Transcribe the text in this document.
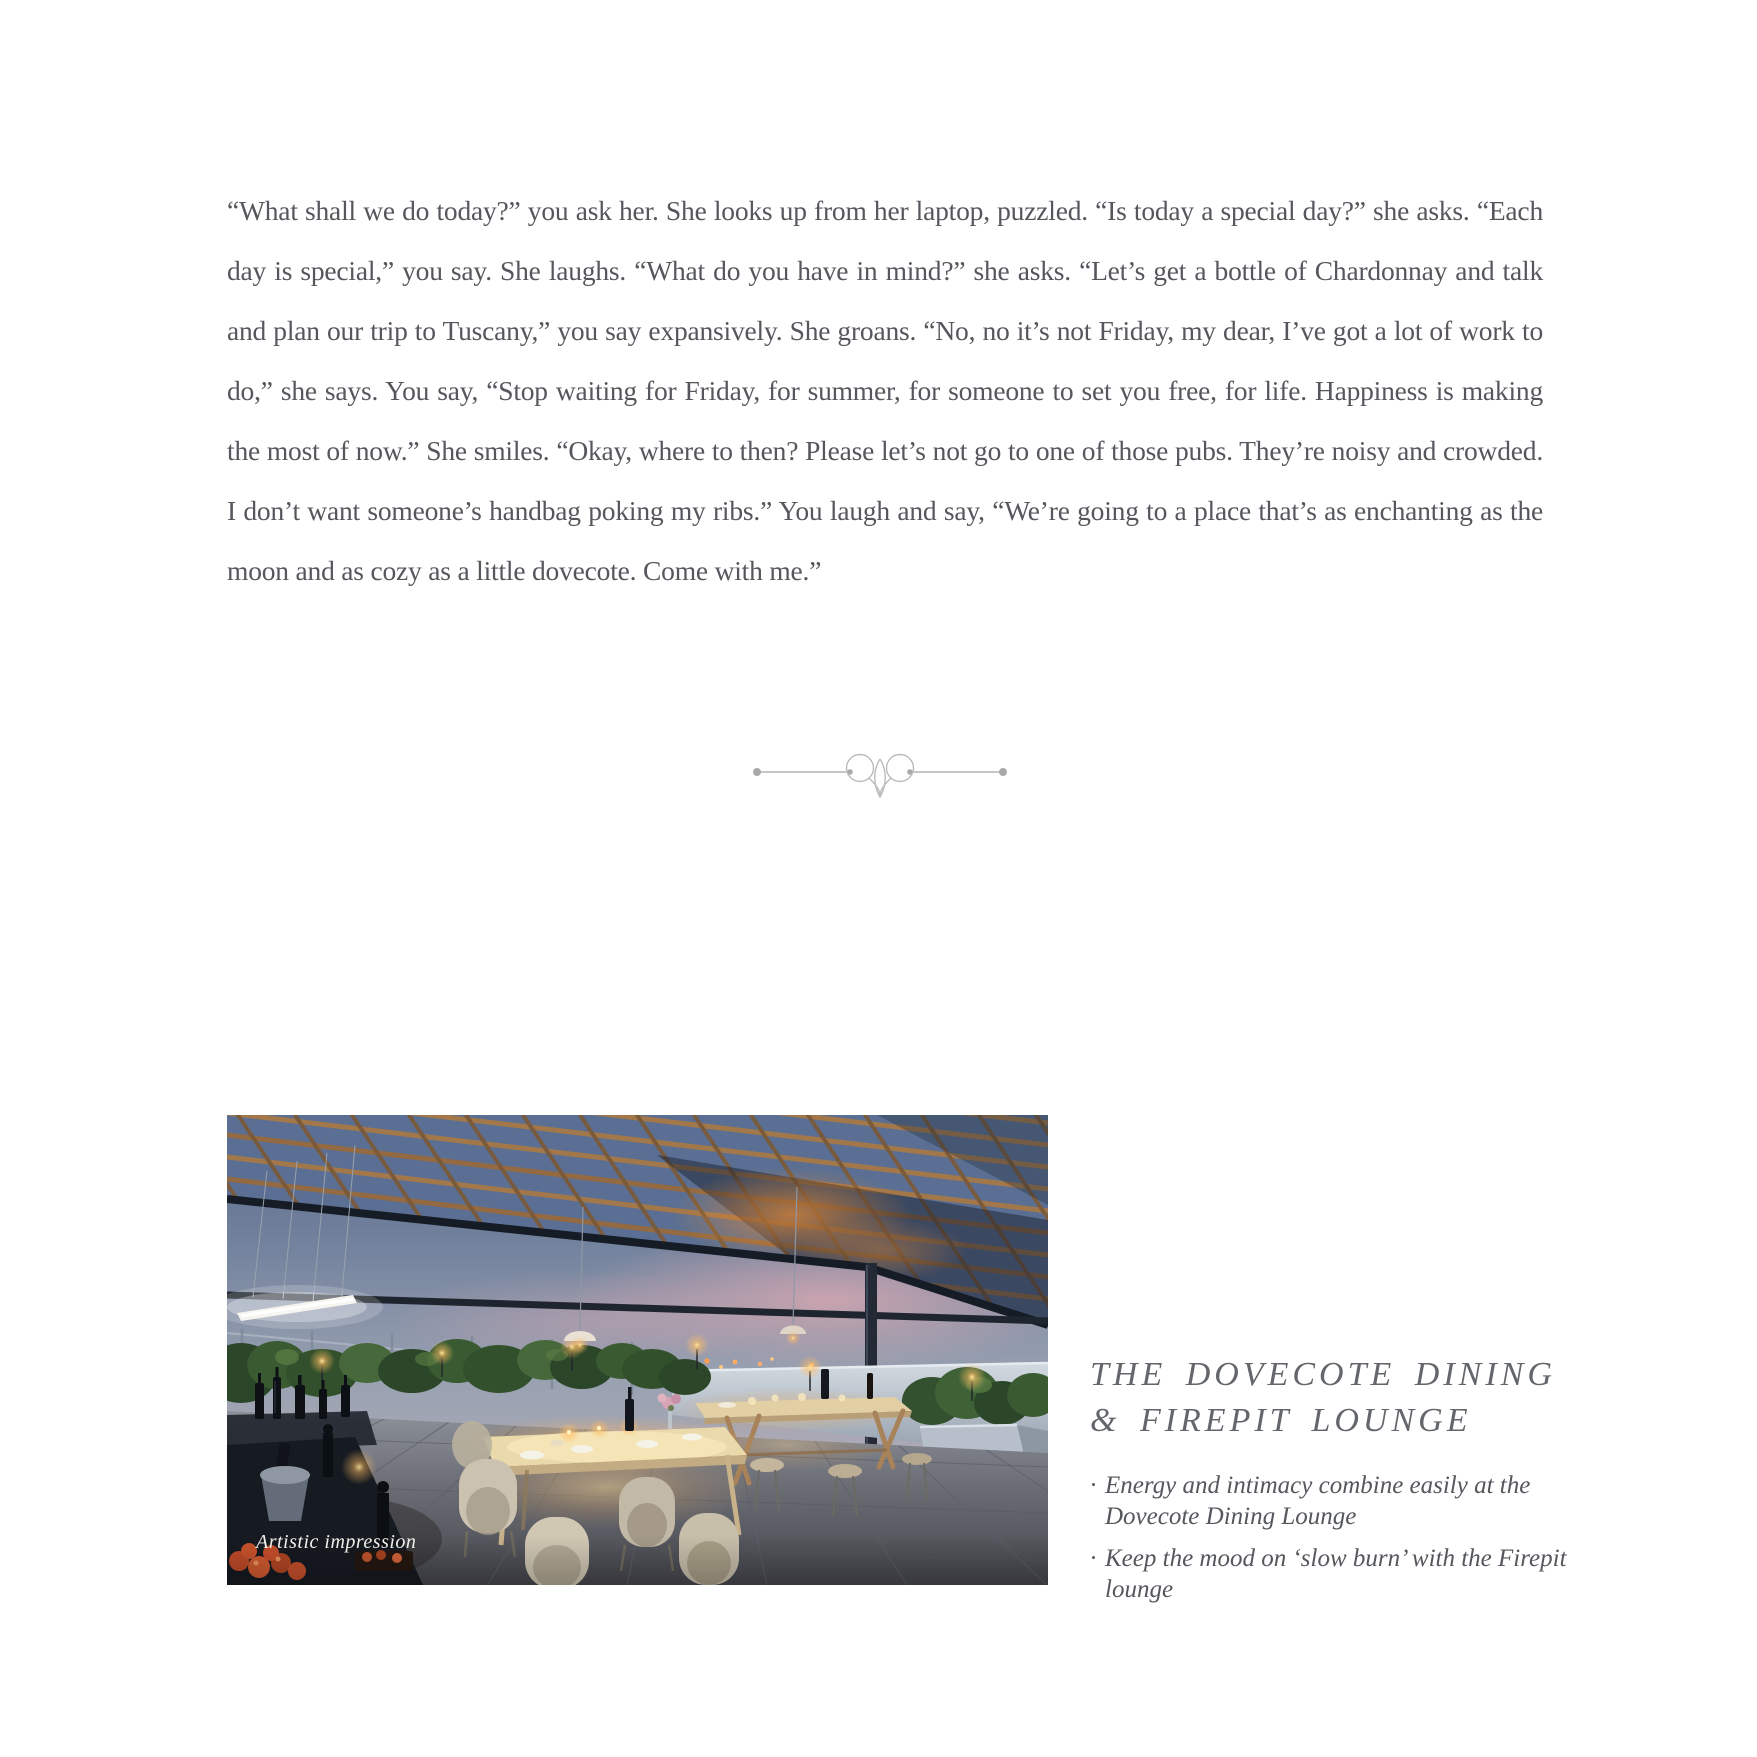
“What shall we do today?” you ask her. She looks up from her laptop, puzzled. “Is today a special day?” she asks. “Each day is special,” you say. She laughs. “What do you have in mind?” she asks. “Let’s get a bottle of Chardonnay and talk and plan our trip to Tuscany,” you say expansively. She groans. “No, no it’s not Friday, my dear, I’ve got a lot of work to do,” she says. You say, “Stop waiting for Friday, for summer, for someone to set you free, for life. Happiness is making the most of now.” She smiles. “Okay, where to then? Please let’s not go to one of those pubs. They’re noisy and crowded. I don’t want someone’s handbag poking my ribs.” You laugh and say, “We’re going to a place that’s as enchanting as the moon and as cozy as a little dovecote. Come with me.”

Artistic impression
THE DOVECOTE DINING
& FIREPIT LOUNGE
· Energy and intimacy combine easily at the Dovecote Dining Lounge
· Keep the mood on ‘slow burn’ with the Firepit lounge
